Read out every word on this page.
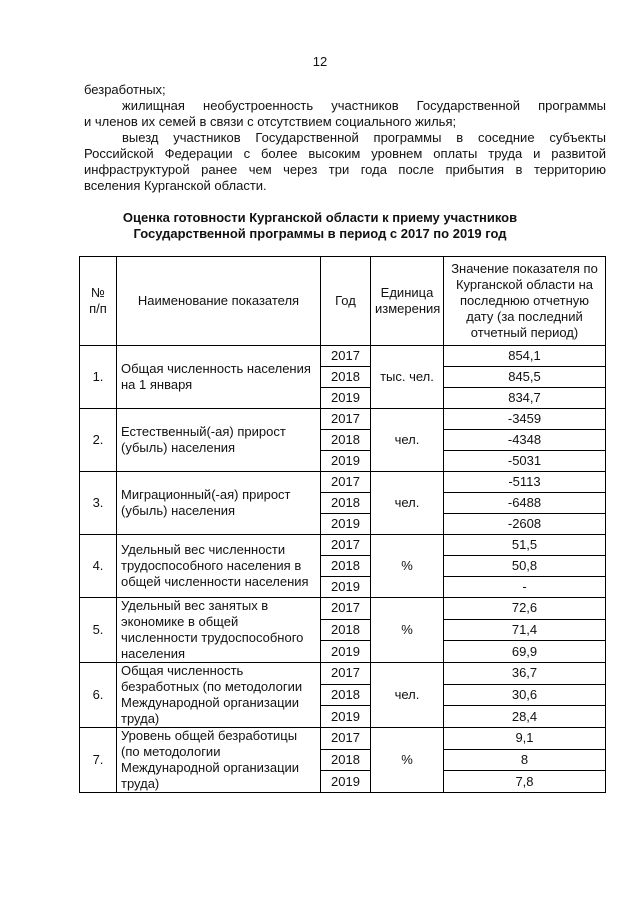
12
безработных;
жилищная необустроенность участников Государственной программы
и членов их семей в связи с отсутствием социального жилья;
выезд участников Государственной программы в соседние субъекты
Российской Федерации с более высоким уровнем оплаты труда и развитой
инфраструктурой ранее чем через три года после прибытия в территорию
вселения Курганской области.
Оценка готовности Курганской области к приему участников
Государственной программы в период с 2017 по 2019 год
№ п/п	Наименование показателя	Год	Единица измерения	Значение показателя по Курганской области на последнюю отчетную дату (за последний отчетный период)
1.	Общая численность населения на 1 января	2017	тыс. чел.	854,1
		2018		845,5
		2019		834,7
2.	Естественный(-ая) прирост (убыль) населения	2017	чел.	-3459
		2018		-4348
		2019		-5031
3.	Миграционный(-ая) прирост (убыль) населения	2017	чел.	-5113
		2018		-6488
		2019		-2608
4.	Удельный вес численности трудоспособного населения в общей численности населения	2017	%	51,5
		2018		50,8
		2019		-
5.	Удельный вес занятых в экономике в общей численности трудоспособного населения	2017	%	72,6
		2018		71,4
		2019		69,9
6.	Общая численность безработных (по методологии Международной организации труда)	2017	чел.	36,7
		2018		30,6
		2019		28,4
7.	Уровень общей безработицы (по методологии Международной организации труда)	2017	%	9,1
		2018		8
		2019		7,8
